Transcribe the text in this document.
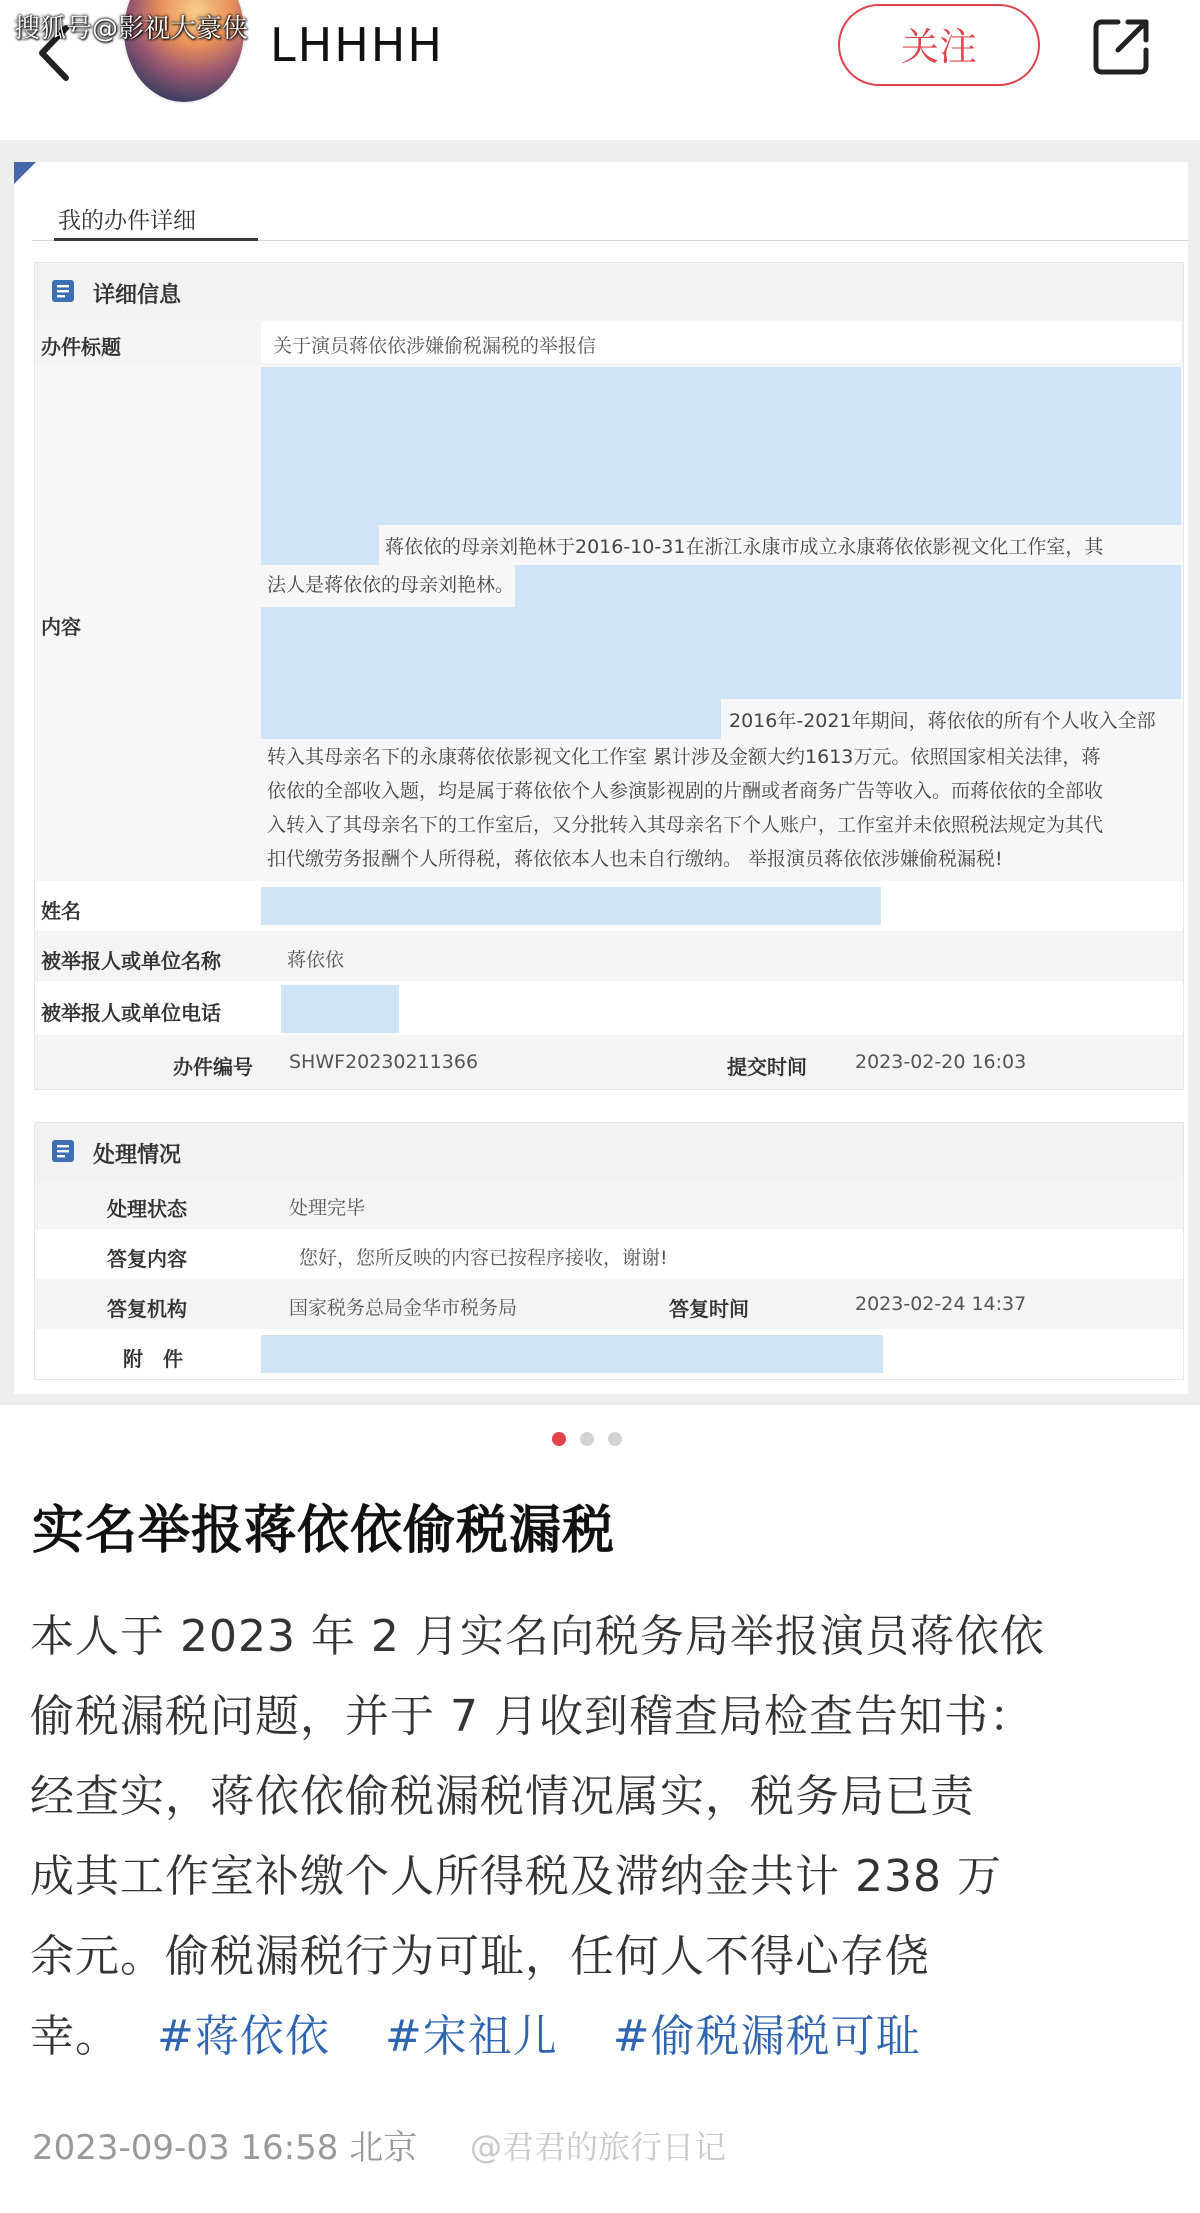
搜狐号@影视大豪侠 LHHHH	关注
我的办件详细
详细信息
办件标题	关于演员蒋依依涉嫌偷税漏税的举报信
内容
蒋依依的母亲刘艳林于2016-10-31在浙江永康市成立永康蒋依依影视文化工作室，其
法人是蒋依依的母亲刘艳林。
2016年-2021年期间，蒋依依的所有个人收入全部
转入其母亲名下的永康蒋依依影视文化工作室 累计涉及金额大约1613万元。依照国家相关法律，蒋
依依的全部收入题，均是属于蒋依依个人参演影视剧的片酬或者商务广告等收入。而蒋依依的全部收
入转入了其母亲名下的工作室后，又分批转入其母亲名下个人账户，工作室并未依照税法规定为其代
扣代缴劳务报酬个人所得税，蒋依依本人也未自行缴纳。 举报演员蒋依依涉嫌偷税漏税!
姓名
被举报人或单位名称	蒋依依
被举报人或单位电话
办件编号 SHWF20230211366	提交时间	2023-02-20 16:03
处理情况
处理状态	处理完毕
答复内容	您好，您所反映的内容已按程序接收，谢谢!
答复机构	国家税务总局金华市税务局	答复时间	2023-02-24 14:37
附　件
实名举报蒋依依偷税漏税
本人于 2023 年 2 月实名向税务局举报演员蒋依依
偷税漏税问题，并于 7 月收到稽查局检查告知书：
经查实，蒋依依偷税漏税情况属实，税务局已责
成其工作室补缴个人所得税及滞纳金共计 238 万
余元。偷税漏税行为可耻，任何人不得心存侥
幸。 #蒋依依 #宋祖儿 #偷税漏税可耻
2023-09-03 16:58 北京 @君君的旅行日记
